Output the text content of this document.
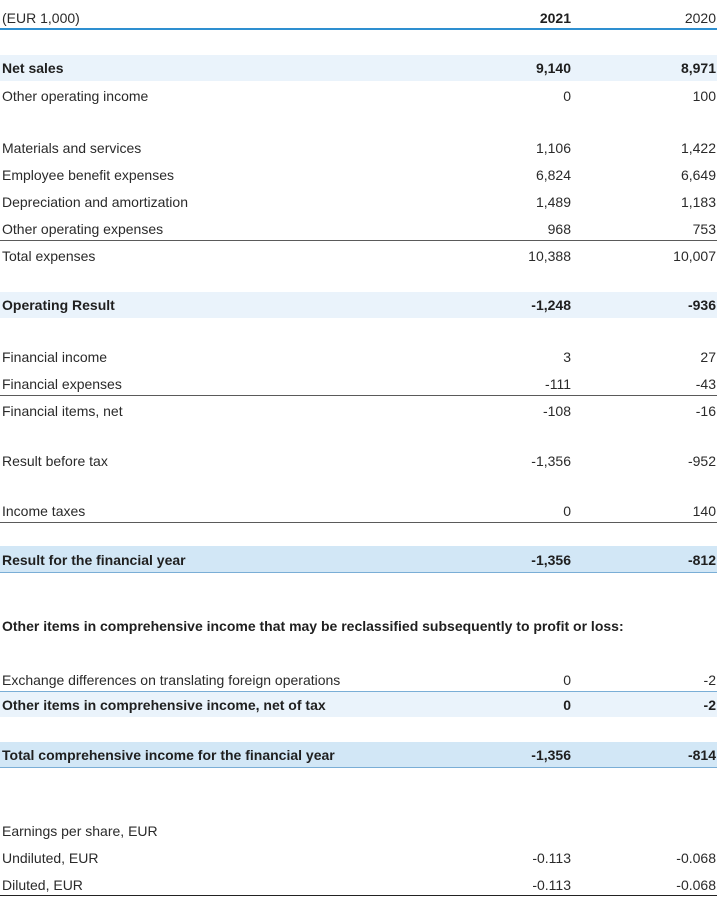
(EUR 1,000)	2021	2020
Net sales	9,140	8,971
Other operating income	0	100
Materials and services	1,106	1,422
Employee benefit expenses	6,824	6,649
Depreciation and amortization	1,489	1,183
Other operating expenses	968	753
Total expenses	10,388	10,007
Operating Result	-1,248	-936
Financial income	3	27
Financial expenses	-111	-43
Financial items, net	-108	-16
Result before tax	-1,356	-952
Income taxes	0	140
Result for the financial year	-1,356	-812
Other items in comprehensive income that may be reclassified subsequently to profit or loss:
Exchange differences on translating foreign operations	0	-2
Other items in comprehensive income, net of tax	0	-2
Total comprehensive income for the financial year	-1,356	-814
Earnings per share, EUR
Undiluted, EUR	-0.113	-0.068
Diluted, EUR	-0.113	-0.068
